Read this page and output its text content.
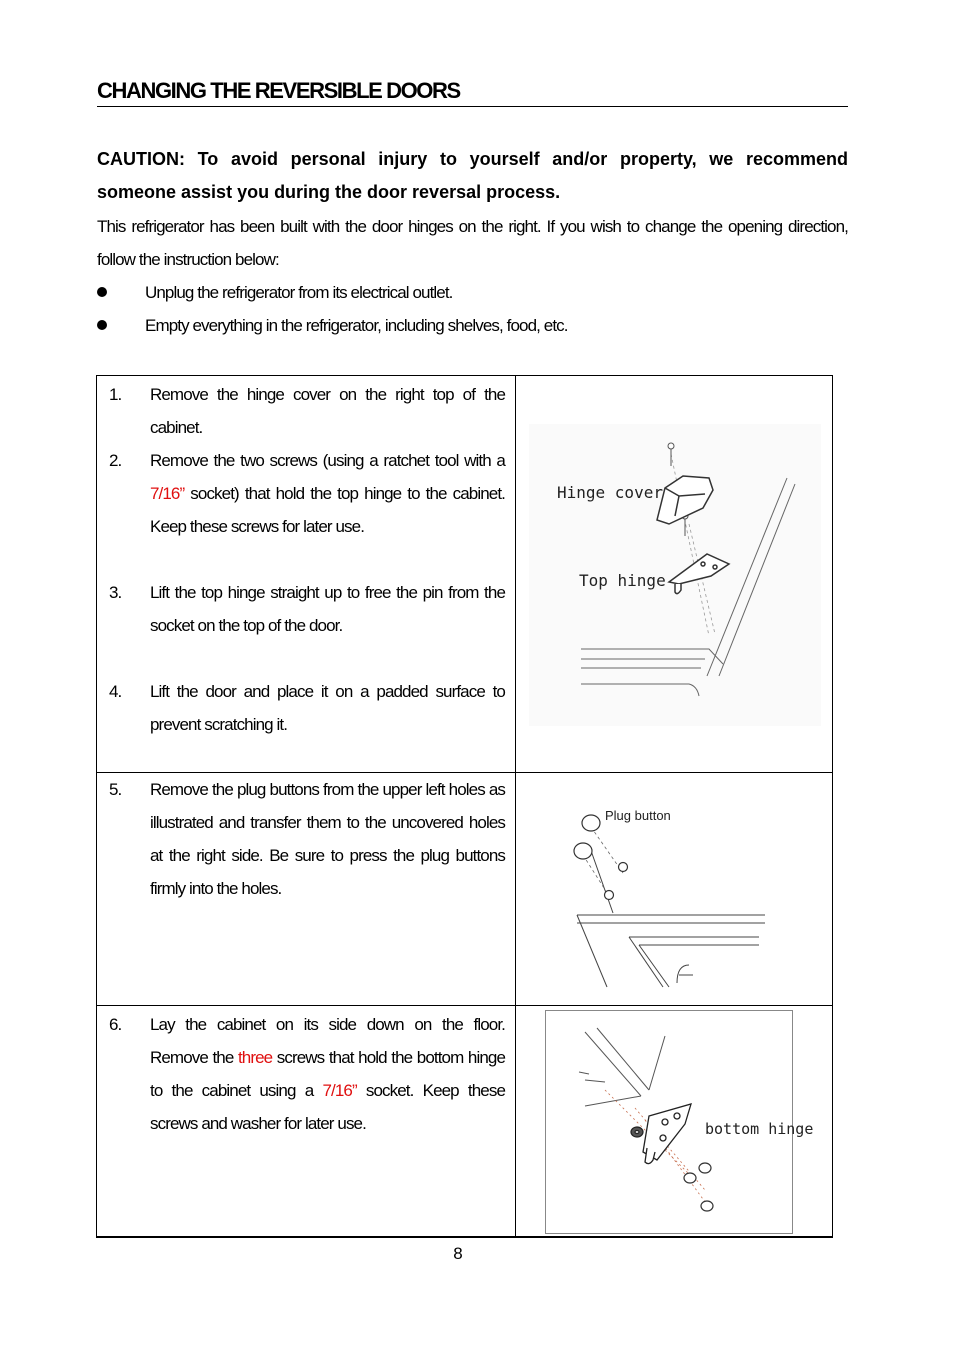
CHANGING THE REVERSIBLE DOORS
CAUTION: To avoid personal injury to yourself and/or property, we recommend someone assist you during the door reversal process.
This refrigerator has been built with the door hinges on the right. If you wish to change the opening direction, follow the instruction below:
Unplug the refrigerator from its electrical outlet.
Empty everything in the refrigerator, including shelves, food, etc.
1. Remove the hinge cover on the right top of the cabinet.
2. Remove the two screws (using a ratchet tool with a 7/16” socket) that hold the top hinge to the cabinet. Keep these screws for later use.
3. Lift the top hinge straight up to free the pin from the socket on the top of the door.
4. Lift the door and place it on a padded surface to prevent scratching it.
Hinge cover
Top hinge
5. Remove the plug buttons from the upper left holes as illustrated and transfer them to the uncovered holes at the right side. Be sure to press the plug buttons firmly into the holes.
Plug button
6. Lay the cabinet on its side down on the floor. Remove the three screws that hold the bottom hinge to the cabinet using a 7/16” socket. Keep these screws and washer for later use.	bottom hinge
8
